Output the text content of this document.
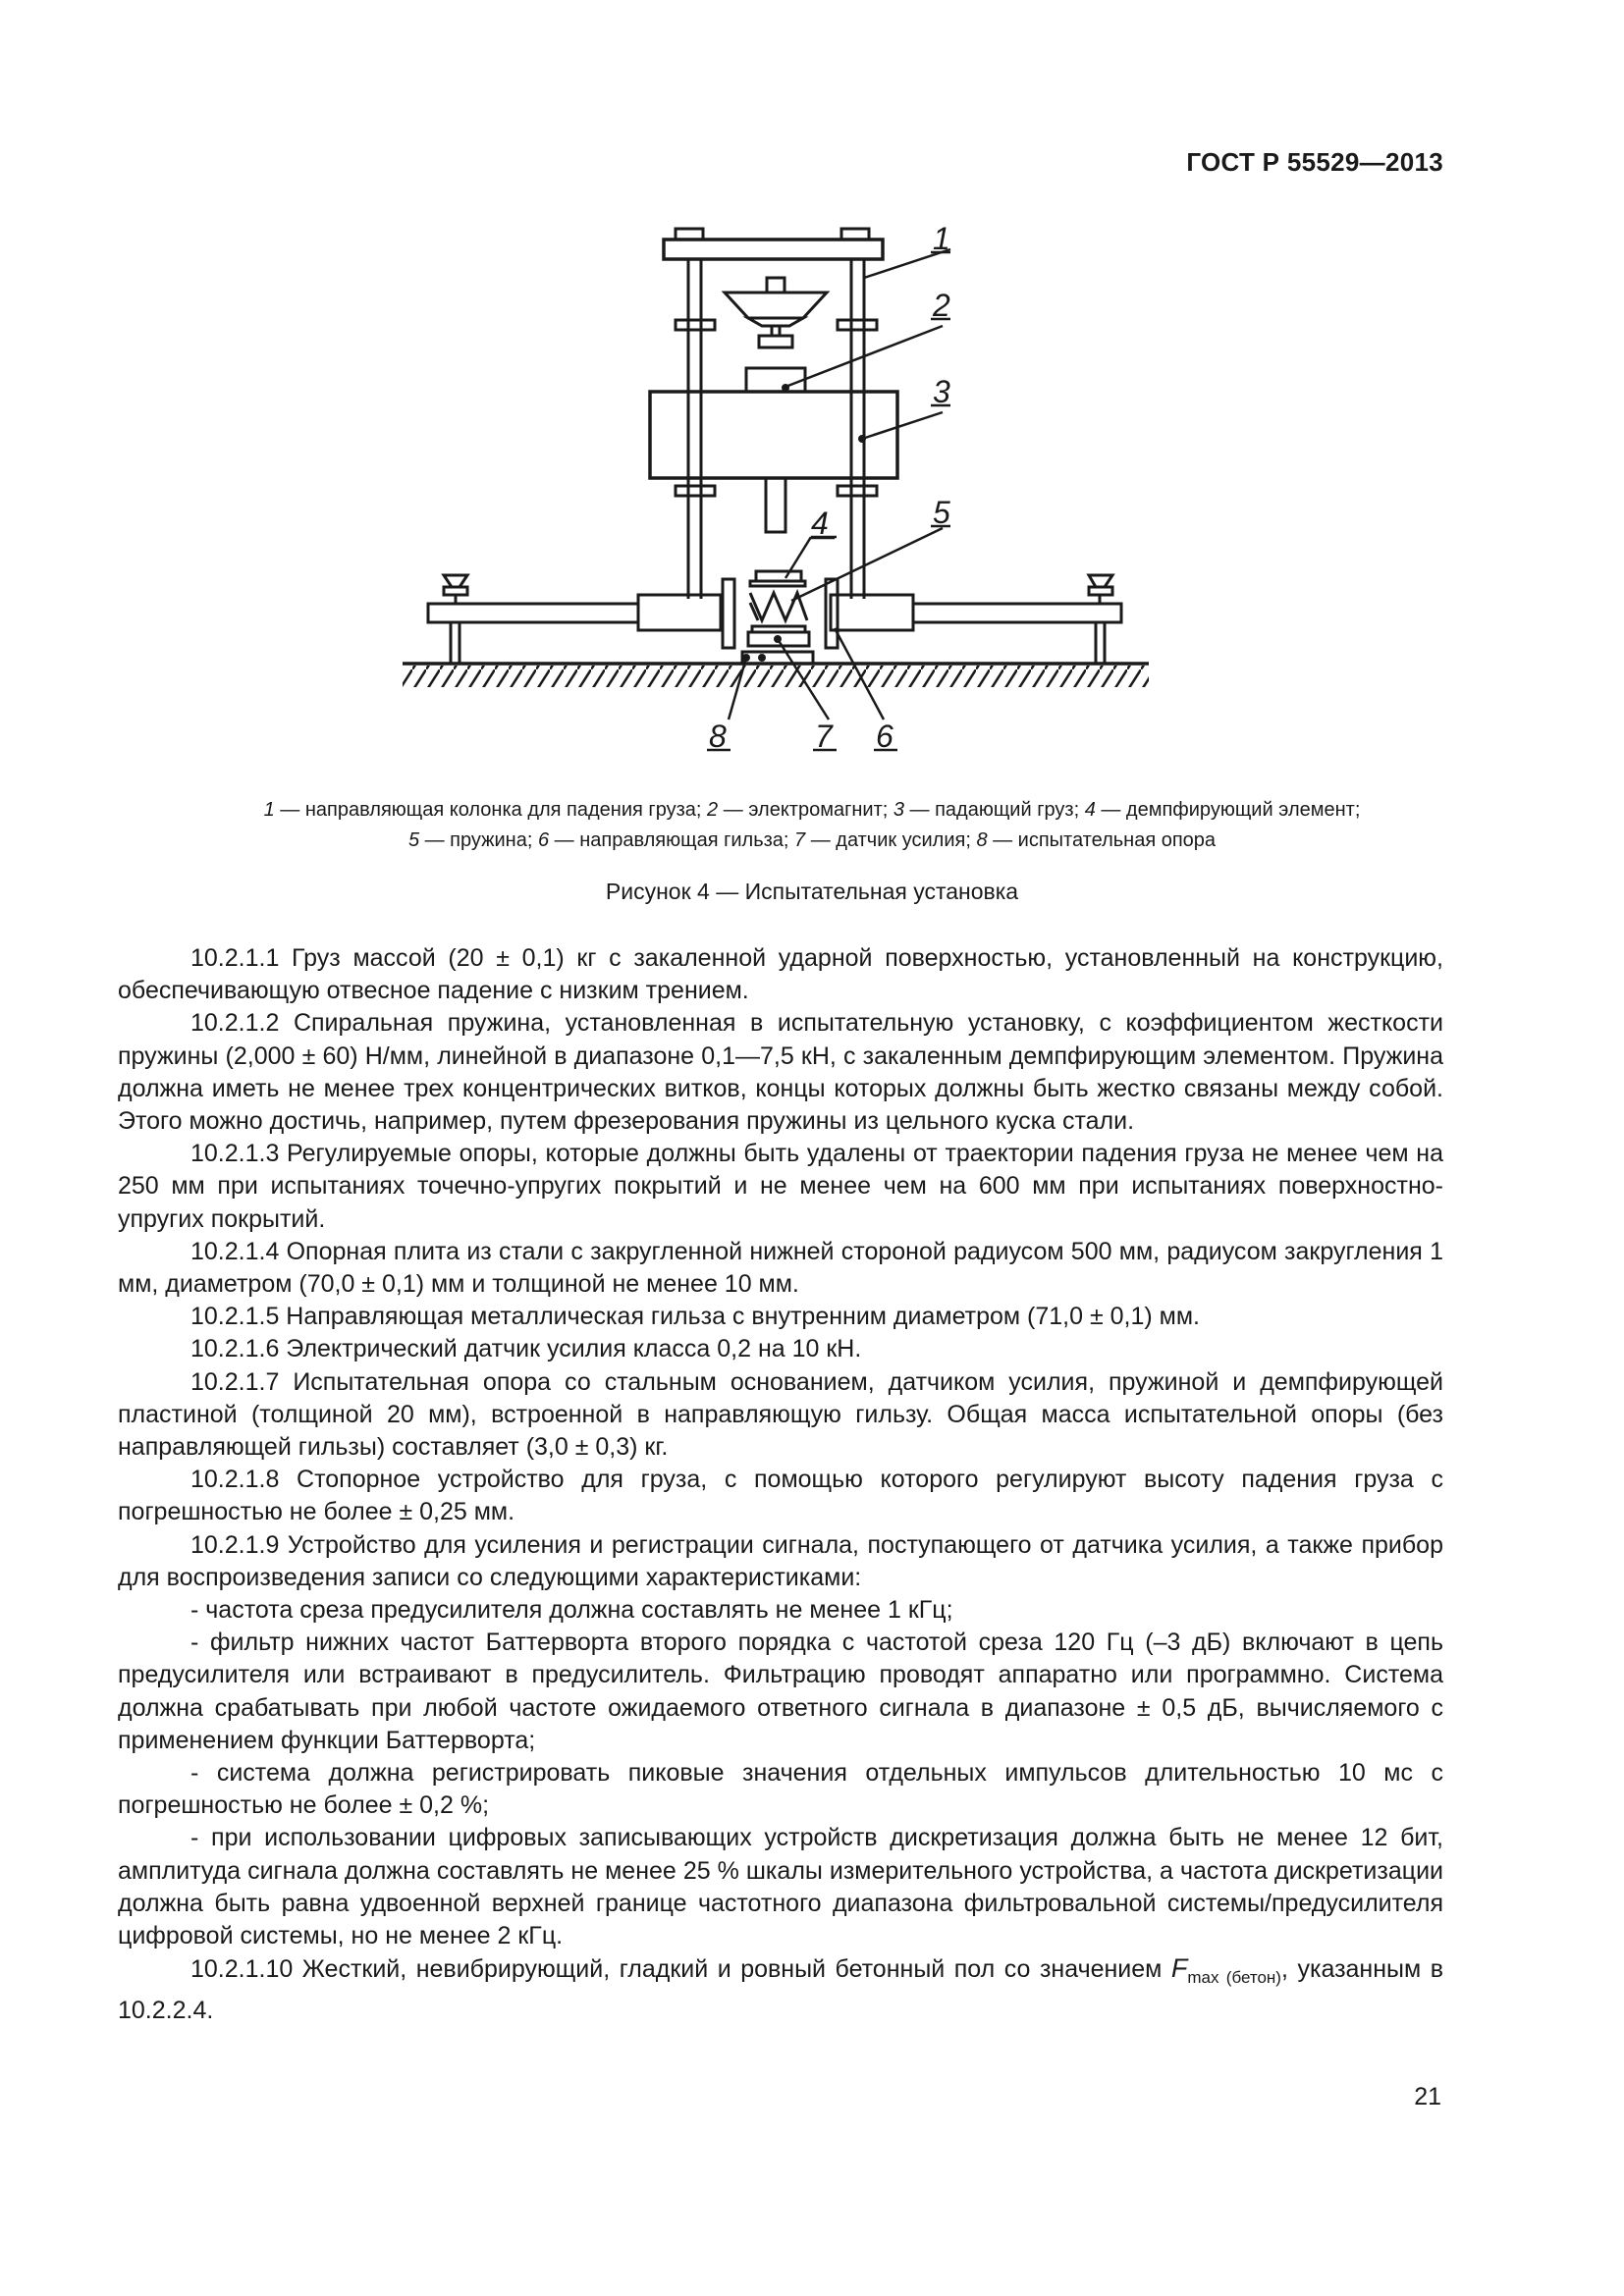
ГОСТ Р 55529—2013
1
2
3
4	5
6
7
8
1 — направляющая колонка для падения груза; 2 — электромагнит; 3 — падающий груз; 4 — демпфирующий элемент;
5 — пружина; 6 — направляющая гильза; 7 — датчик усилия; 8 — испытательная опора
Рисунок 4 — Испытательная установка

10.2.1.1 Груз массой (20 ± 0,1) кг с закаленной ударной поверхностью, установленный на конструкцию, обеспечивающую отвесное падение с низким трением.

10.2.1.2 Спиральная пружина, установленная в испытательную установку, с коэффициентом жесткости пружины (2,000 ± 60) Н/мм, линейной в диапазоне 0,1—7,5 кН, с закаленным демпфирующим элементом. Пружина должна иметь не менее трех концентрических витков, концы которых должны быть жестко связаны между собой. Этого можно достичь, например, путем фрезерования пружины из цельного куска стали.

10.2.1.3 Регулируемые опоры, которые должны быть удалены от траектории падения груза не менее чем на 250 мм при испытаниях точечно-упругих покрытий и не менее чем на 600 мм при испытаниях поверхностно-упругих покрытий.

10.2.1.4 Опорная плита из стали с закругленной нижней стороной радиусом 500 мм, радиусом закругления 1 мм, диаметром (70,0 ± 0,1) мм и толщиной не менее 10 мм.

10.2.1.5 Направляющая металлическая гильза с внутренним диаметром (71,0 ± 0,1) мм.

10.2.1.6 Электрический датчик усилия класса 0,2 на 10 кН.

10.2.1.7 Испытательная опора со стальным основанием, датчиком усилия, пружиной и демпфирующей пластиной (толщиной 20 мм), встроенной в направляющую гильзу. Общая масса испытательной опоры (без направляющей гильзы) составляет (3,0 ± 0,3) кг.

10.2.1.8 Стопорное устройство для груза, с помощью которого регулируют высоту падения груза с погрешностью не более ± 0,25 мм.

10.2.1.9 Устройство для усиления и регистрации сигнала, поступающего от датчика усилия, а также прибор для воспроизведения записи со следующими характеристиками:

- частота среза предусилителя должна составлять не менее 1 кГц;

- фильтр нижних частот Баттерворта второго порядка с частотой среза 120 Гц (–3 дБ) включают в цепь предусилителя или встраивают в предусилитель. Фильтрацию проводят аппаратно или программно. Система должна срабатывать при любой частоте ожидаемого ответного сигнала в диапазоне ± 0,5 дБ, вычисляемого с применением функции Баттерворта;

- система должна регистрировать пиковые значения отдельных импульсов длительностью 10 мс с погрешностью не более ± 0,2 %;

- при использовании цифровых записывающих устройств дискретизация должна быть не менее 12 бит, амплитуда сигнала должна составлять не менее 25 % шкалы измерительного устройства, а частота дискретизации должна быть равна удвоенной верхней границе частотного диапазона фильтровальной системы/предусилителя цифровой системы, но не менее 2 кГц.

10.2.1.10 Жесткий, невибрирующий, гладкий и ровный бетонный пол со значением $F_{max (бетон)}$, указанным в 10.2.2.4.

21
